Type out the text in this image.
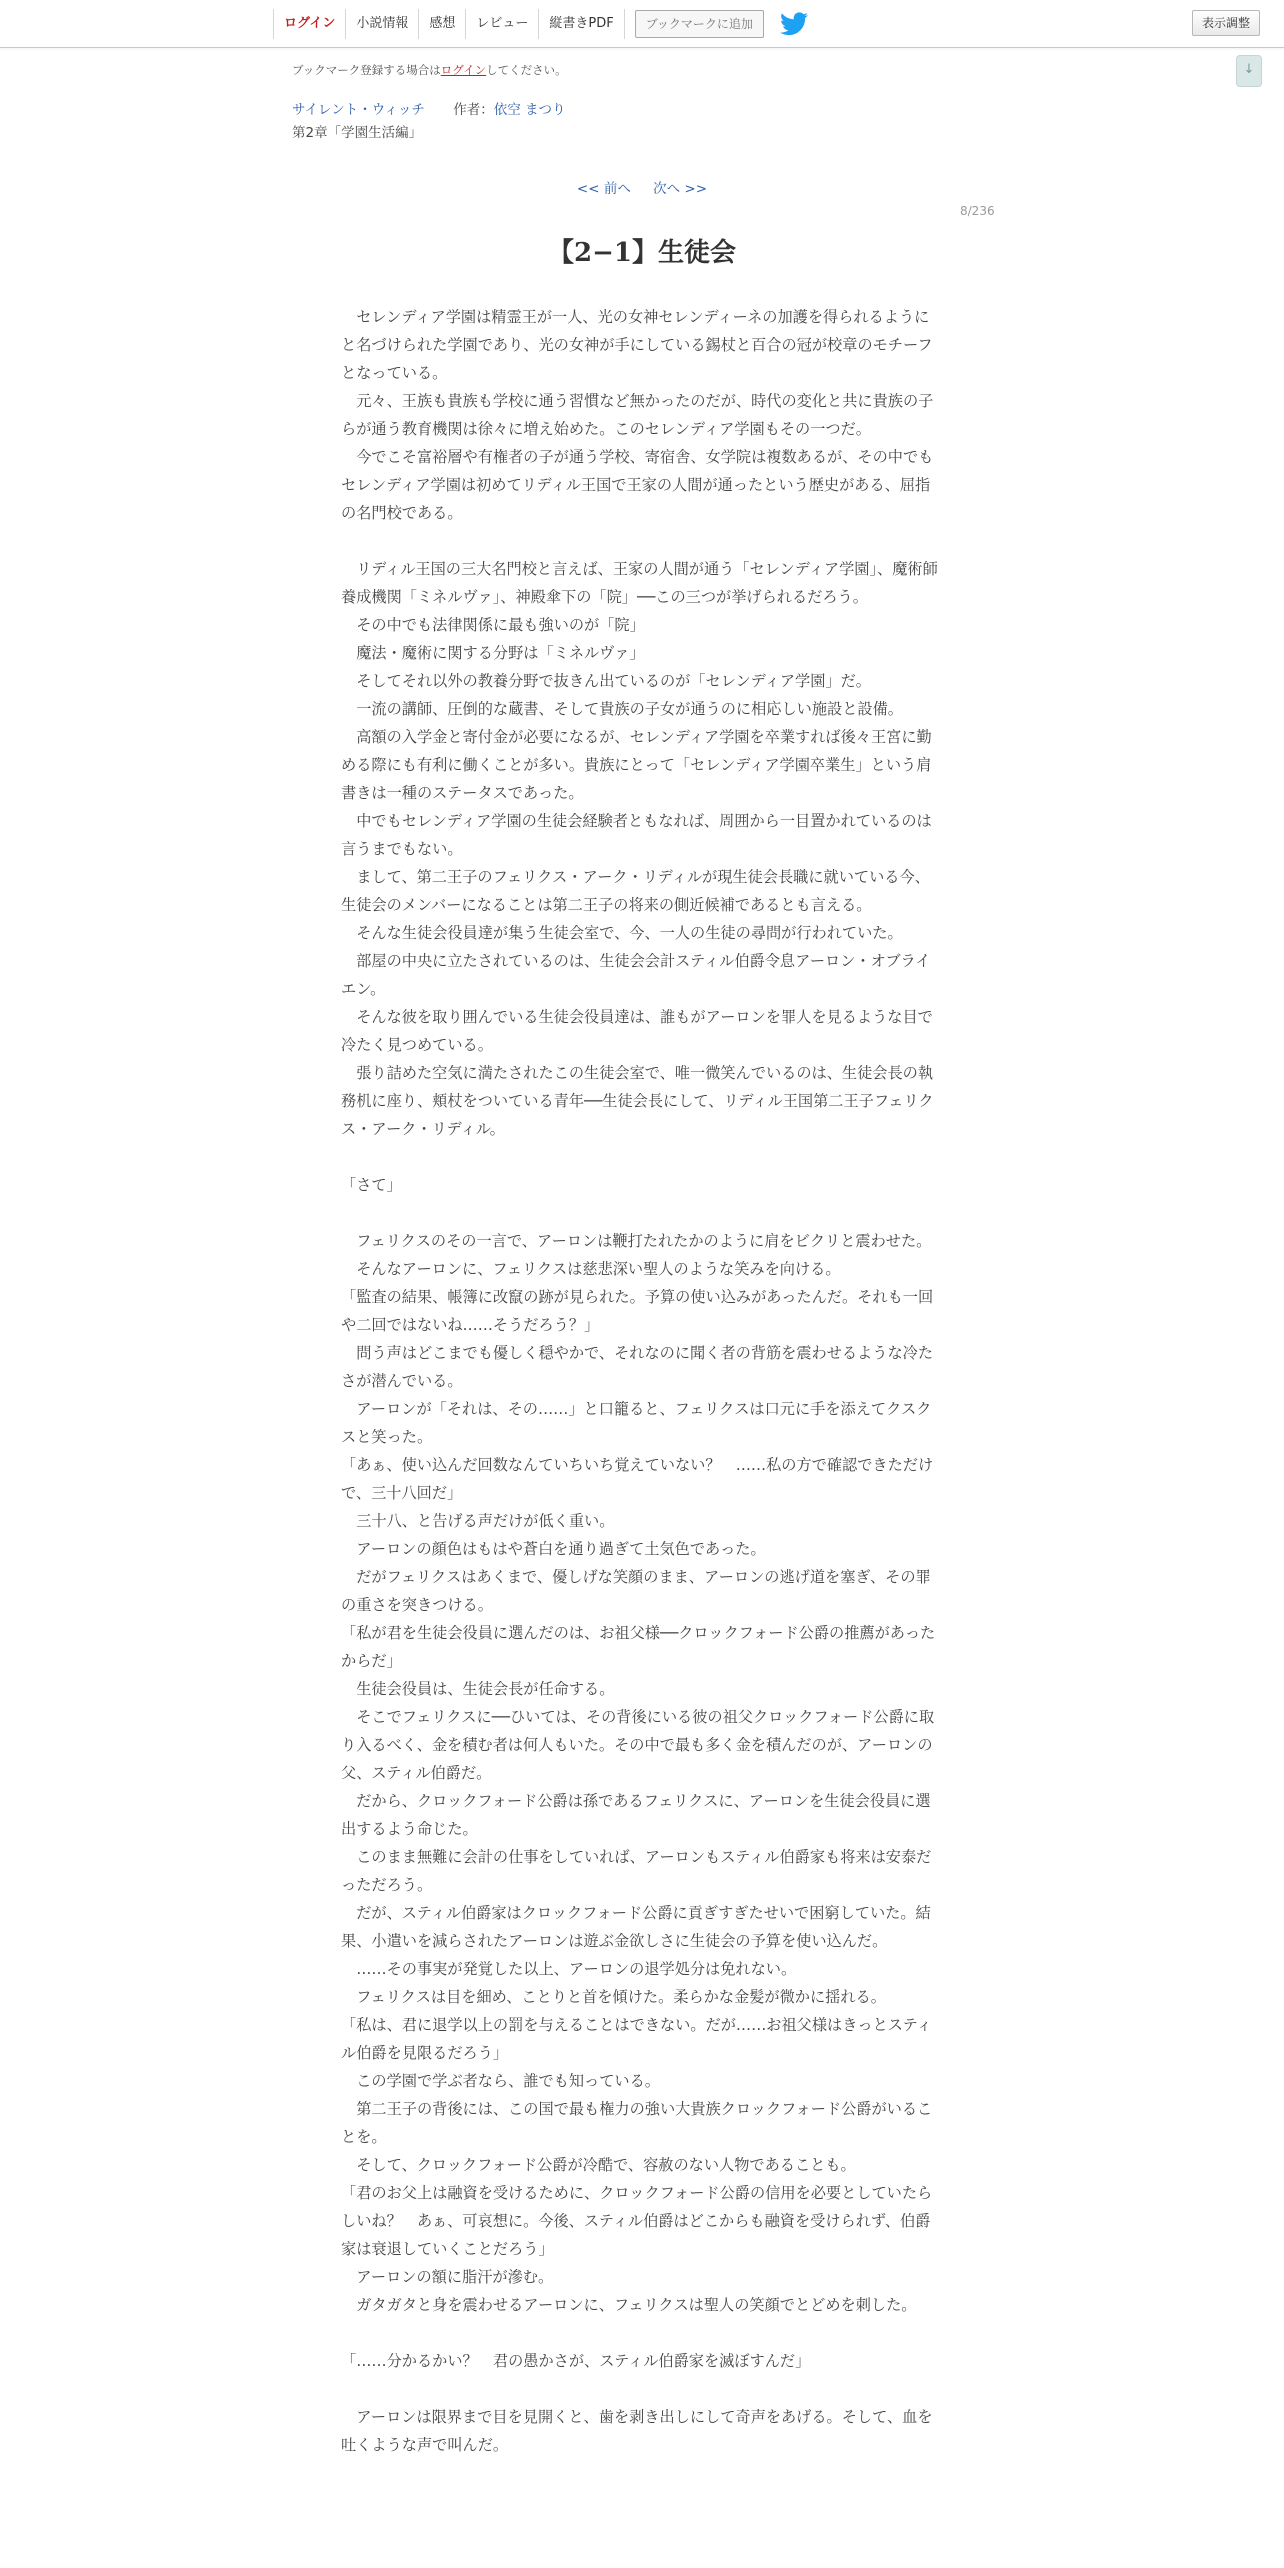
ログイン	小説情報	感想	レビュー	縦書きPDF	ブックマークに追加	表示調整
↓
ブックマーク登録する場合はログインしてください。
サイレント・ウィッチ 作者：依空 まつり
第2章「学園生活編」
<< 前へ 次へ >>
8/236
【2−1】生徒会

　セレンディア学園は精霊王が一人、光の女神セレンディーネの加護を得られるようにと名づけられた学園であり、光の女神が手にしている錫杖と百合の冠が校章のモチーフとなっている。

　元々、王族も貴族も学校に通う習慣など無かったのだが、時代の変化と共に貴族の子らが通う教育機関は徐々に増え始めた。このセレンディア学園もその一つだ。

　今でこそ富裕層や有権者の子が通う学校、寄宿舎、女学院は複数あるが、その中でもセレンディア学園は初めてリディル王国で王家の人間が通ったという歴史がある、屈指の名門校である。

　リディル王国の三大名門校と言えば、王家の人間が通う「セレンディア学園」、魔術師養成機関「ミネルヴァ」、神殿傘下の「院」──この三つが挙げられるだろう。

　その中でも法律関係に最も強いのが「院」

　魔法・魔術に関する分野は「ミネルヴァ」

　そしてそれ以外の教養分野で抜きん出ているのが「セレンディア学園」だ。

　一流の講師、圧倒的な蔵書、そして貴族の子女が通うのに相応しい施設と設備。

　高額の入学金と寄付金が必要になるが、セレンディア学園を卒業すれば後々王宮に勤める際にも有利に働くことが多い。貴族にとって「セレンディア学園卒業生」という肩書きは一種のステータスであった。

　中でもセレンディア学園の生徒会経験者ともなれば、周囲から一目置かれているのは言うまでもない。

　まして、第二王子のフェリクス・アーク・リディルが現生徒会長職に就いている今、生徒会のメンバーになることは第二王子の将来の側近候補であるとも言える。

　そんな生徒会役員達が集う生徒会室で、今、一人の生徒の尋問が行われていた。

　部屋の中央に立たされているのは、生徒会会計スティル伯爵令息アーロン・オブライエン。

　そんな彼を取り囲んでいる生徒会役員達は、誰もがアーロンを罪人を見るような目で冷たく見つめている。

　張り詰めた空気に満たされたこの生徒会室で、唯一微笑んでいるのは、生徒会長の執務机に座り、頬杖をついている青年──生徒会長にして、リディル王国第二王子フェリクス・アーク・リディル。

「さて」

　フェリクスのその一言で、アーロンは鞭打たれたかのように肩をビクリと震わせた。

　そんなアーロンに、フェリクスは慈悲深い聖人のような笑みを向ける。

「監査の結果、帳簿に改竄の跡が見られた。予算の使い込みがあったんだ。それも一回や二回ではないね……そうだろう？」

　問う声はどこまでも優しく穏やかで、それなのに聞く者の背筋を震わせるような冷たさが潜んでいる。

　アーロンが「それは、その……」と口籠ると、フェリクスは口元に手を添えてクスクスと笑った。

「あぁ、使い込んだ回数なんていちいち覚えていない？　……私の方で確認できただけで、三十八回だ」

　三十八、と告げる声だけが低く重い。

　アーロンの顔色はもはや蒼白を通り過ぎて土気色であった。

　だがフェリクスはあくまで、優しげな笑顔のまま、アーロンの逃げ道を塞ぎ、その罪の重さを突きつける。

「私が君を生徒会役員に選んだのは、お祖父様──クロックフォード公爵の推薦があったからだ」

　生徒会役員は、生徒会長が任命する。

　そこでフェリクスに──ひいては、その背後にいる彼の祖父クロックフォード公爵に取り入るべく、金を積む者は何人もいた。その中で最も多く金を積んだのが、アーロンの父、スティル伯爵だ。

　だから、クロックフォード公爵は孫であるフェリクスに、アーロンを生徒会役員に選出するよう命じた。

　このまま無難に会計の仕事をしていれば、アーロンもスティル伯爵家も将来は安泰だっただろう。

　だが、スティル伯爵家はクロックフォード公爵に貢ぎすぎたせいで困窮していた。結果、小遣いを減らされたアーロンは遊ぶ金欲しさに生徒会の予算を使い込んだ。

　……その事実が発覚した以上、アーロンの退学処分は免れない。

　フェリクスは目を細め、ことりと首を傾けた。柔らかな金髪が微かに揺れる。

「私は、君に退学以上の罰を与えることはできない。だが……お祖父様はきっとスティル伯爵を見限るだろう」

　この学園で学ぶ者なら、誰でも知っている。

　第二王子の背後には、この国で最も権力の強い大貴族クロックフォード公爵がいることを。

　そして、クロックフォード公爵が冷酷で、容赦のない人物であることも。

「君のお父上は融資を受けるために、クロックフォード公爵の信用を必要としていたらしいね？　あぁ、可哀想に。今後、スティル伯爵はどこからも融資を受けられず、伯爵家は衰退していくことだろう」

　アーロンの額に脂汗が滲む。

　ガタガタと身を震わせるアーロンに、フェリクスは聖人の笑顔でとどめを刺した。

「……分かるかい？　君の愚かさが、スティル伯爵家を滅ぼすんだ」

　アーロンは限界まで目を見開くと、歯を剥き出しにして奇声をあげる。そして、血を吐くような声で叫んだ。
